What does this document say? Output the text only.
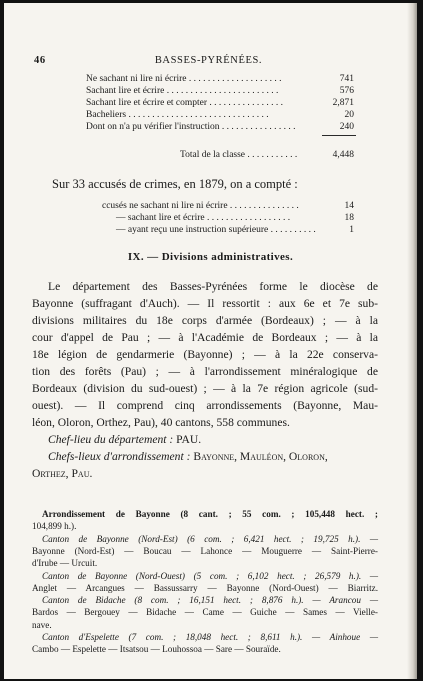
46	BASSES-PYRÉNÉES.
Ne sachant ni lire ni écrire . . . . . . . . . . . . . . . . . . . .	741
Sachant lire et écrire . . . . . . . . . . . . . . . . . . . . . . . .	576
Sachant lire et écrire et compter . . . . . . . . . . . . . . . .	2,871
Bacheliers . . . . . . . . . . . . . . . . . . . . . . . . . . . . . .	20
Dont on n'a pu vérifier l'instruction . . . . . . . . . . . . . . . .	240
Total de la classe . . . . . . . . . . .	4,448
Sur 33 accusés de crimes, en 1879, on a compté :
ccusés ne sachant ni lire ni écrire . . . . . . . . . . . . . . .	14
— sachant lire et écrire . . . . . . . . . . . . . . . . . .	18
— ayant reçu une instruction supérieure . . . . . . . . . .	1
IX. — Divisions administratives.
Le département des Basses-Pyrénées forme le diocèse de
Bayonne (suffragant d'Auch). — Il ressortit : aux 6e et 7e sub-
divisions militaires du 18e corps d'armée (Bordeaux) ; — à la
cour d'appel de Pau ; — à l'Académie de Bordeaux ; — à la
18e légion de gendarmerie (Bayonne) ; — à la 22e conserva-
tion des forêts (Pau) ; — à l'arrondissement minéralogique de
Bordeaux (division du sud-ouest) ; — à la 7e région agricole (sud-
ouest). — Il comprend cinq arrondissements (Bayonne, Mau-
léon, Oloron, Orthez, Pau), 40 cantons, 558 communes.
Chef-lieu du département : PAU.
Chefs-lieux d'arrondissement : Bayonne, Mauléon, Oloron,
Orthez, Pau.
Arrondissement de Bayonne (8 cant. ; 55 com. ; 105,448 hect. ;
104,899 h.).
Canton de Bayonne (Nord-Est) (6 com. ; 6,421 hect. ; 19,725 h.). —
Bayonne (Nord-Est) — Boucau — Lahonce — Mouguerre — Saint-Pierre-
d'Irube — Urcuit.
Canton de Bayonne (Nord-Ouest) (5 com. ; 6,102 hect. ; 26,579 h.). —
Anglet — Arcangues — Bassussarry — Bayonne (Nord-Ouest) — Biarritz.
Canton de Bidache (8 com. ; 16,151 hect. ; 8,876 h.). — Arancou —
Bardos — Bergouey — Bidache — Came — Guiche — Sames — Vielle-
nave.
Canton d'Espelette (7 com. ; 18,048 hect. ; 8,611 h.). — Ainhoue —
Cambo — Espelette — Itsatsou — Louhossoa — Sare — Souraïde.
